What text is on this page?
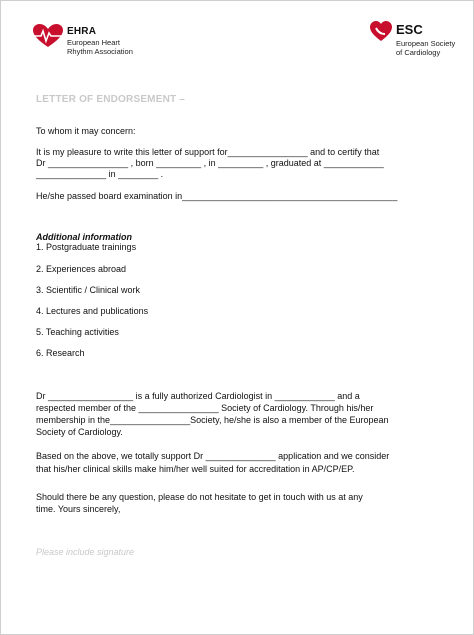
EHRA
European Heart
Rhythm Association
ESC
European Society
of Cardiology
LETTER OF ENDORSEMENT –
To whom it may concern:
It is my pleasure to write this letter of support for________________ and to certify that
Dr ________________ , born _________ , in _________ , graduated at ____________
______________ in ________ .
He/she passed board examination in___________________________________________
Additional information
1. Postgraduate trainings
2. Experiences abroad
3. Scientific / Clinical work
4. Lectures and publications
5. Teaching activities
6. Research
Dr _________________ is a fully authorized Cardiologist in ____________ and a
respected member of the ________________ Society of Cardiology. Through his/her
membership in the________________Society, he/she is also a member of the European
Society of Cardiology.
Based on the above, we totally support Dr ______________ application and we consider
that his/her clinical skills make him/her well suited for accreditation in AP/CP/EP.
Should there be any question, please do not hesitate to get in touch with us at any
time. Yours sincerely,
Please include signature
